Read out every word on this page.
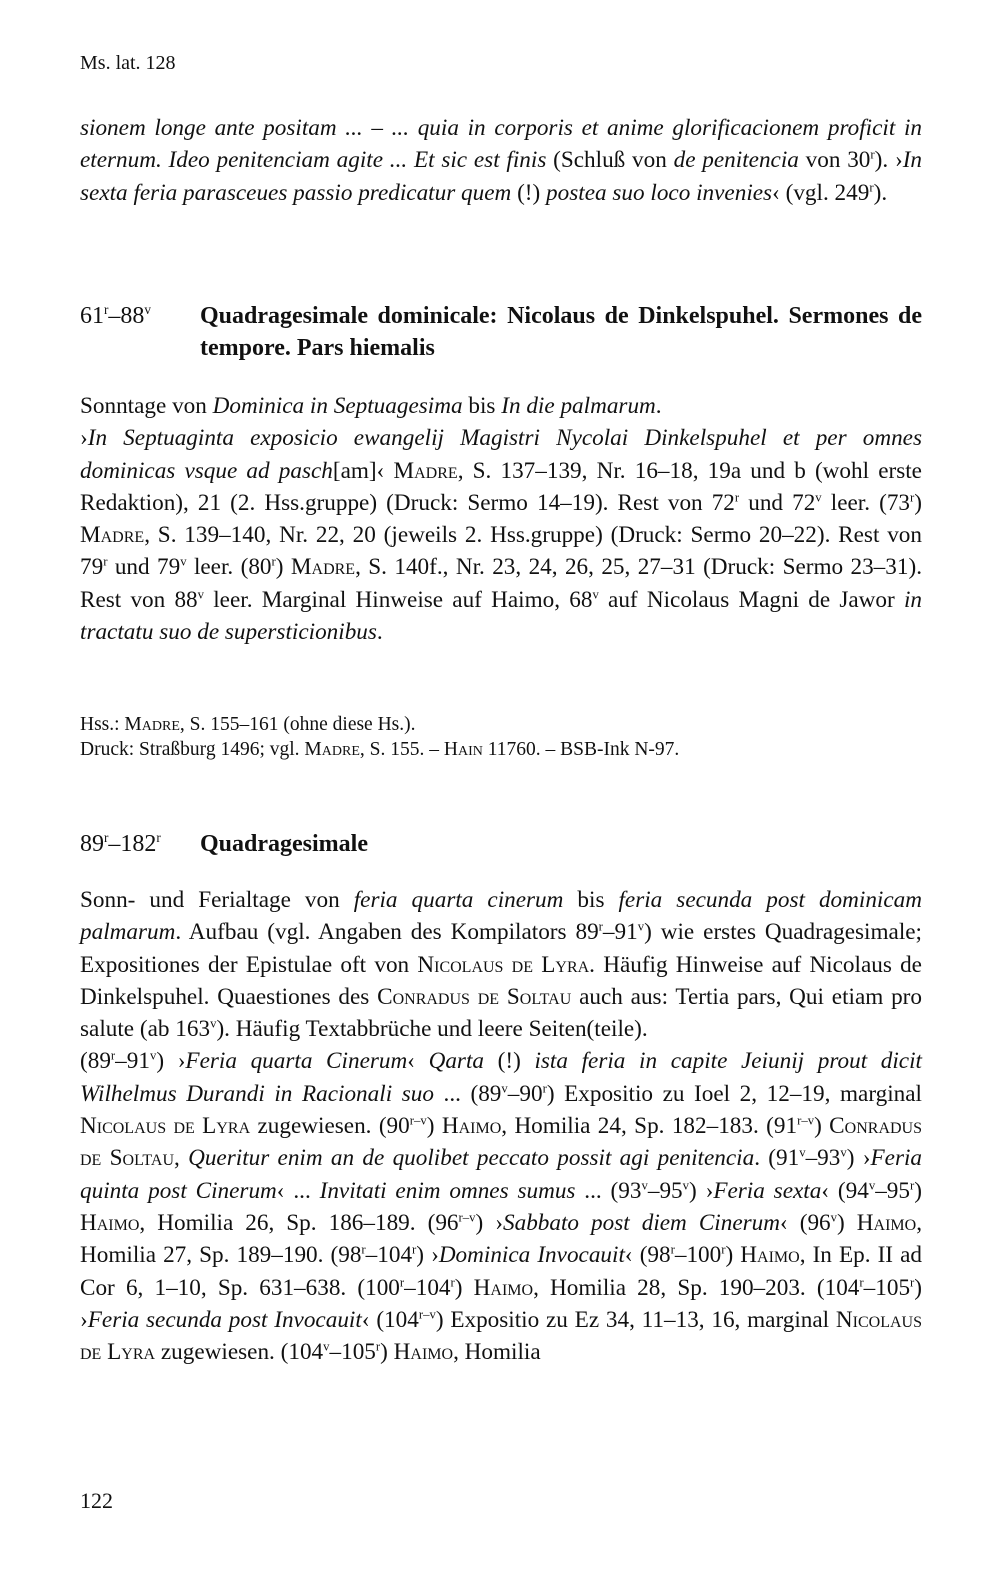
Ms. lat. 128

sionem longe ante positam ... – ... quia in corporis et anime glorificacionem proficit in eternum. Ideo penitenciam agite ... Et sic est finis (Schluß von de penitencia von 30$^r$). ›In sexta feria parasceues passio predicatur quem (!) postea suo loco invenies‹ (vgl. 249$^r$).

61$^r$–88$^v$	Quadragesimale dominicale: Nicolaus de Dinkelspuhel. Sermones de tempore. Pars hiemalis

Sonntage von Dominica in Septuagesima bis In die palmarum.
›In Septuaginta exposicio ewangelij Magistri Nycolai Dinkelspuhel et per omnes dominicas vsque ad pasch[am]‹ Madre, S. 137–139, Nr. 16–18, 19a und b (wohl erste Redaktion), 21 (2. Hss.gruppe) (Druck: Sermo 14–19). Rest von 72$^r$ und 72$^v$ leer. (73$^r$) Madre, S. 139–140, Nr. 22, 20 (jeweils 2. Hss.gruppe) (Druck: Sermo 20–22). Rest von 79$^r$ und 79$^v$ leer. (80$^r$) Madre, S. 140f., Nr. 23, 24, 26, 25, 27–31 (Druck: Sermo 23–31). Rest von 88$^v$ leer. Marginal Hinweise auf Haimo, 68$^v$ auf Nicolaus Magni de Jawor in tractatu suo de supersticionibus.

Hss.: Madre, S. 155–161 (ohne diese Hs.).
Druck: Straßburg 1496; vgl. Madre, S. 155. – Hain 11760. – BSB-Ink N-97.

89$^r$–182$^r$	Quadragesimale

Sonn- und Ferialtage von feria quarta cinerum bis feria secunda post dominicam palmarum. Aufbau (vgl. Angaben des Kompilators 89$^r$–91$^v$) wie erstes Quadragesimale; Expositiones der Epistulae oft von Nicolaus de Lyra. Häufig Hinweise auf Nicolaus de Dinkelspuhel. Quaestiones des Conradus de Soltau auch aus: Tertia pars, Qui etiam pro salute (ab 163$^v$). Häufig Textabbrüche und leere Seiten(teile).
(89$^r$–91$^v$) ›Feria quarta Cinerum‹ Qarta (!) ista feria in capite Jeiunij prout dicit Wilhelmus Durandi in Racionali suo ... (89$^v$–90$^r$) Expositio zu Ioel 2, 12–19, marginal Nicolaus de Lyra zugewiesen. (90$^{r-v}$) Haimo, Homilia 24, Sp. 182–183. (91$^{r-v}$) Conradus de Soltau, Queritur enim an de quolibet peccato possit agi penitencia. (91$^v$–93$^v$) ›Feria quinta post Cinerum‹ ... Invitati enim omnes sumus ... (93$^v$–95$^v$) ›Feria sexta‹ (94$^v$–95$^r$) Haimo, Homilia 26, Sp. 186–189. (96$^{r-v}$) ›Sabbato post diem Cinerum‹ (96$^v$) Haimo, Homilia 27, Sp. 189–190. (98$^r$–104$^r$) ›Dominica Invocauit‹ (98$^r$–100$^r$) Haimo, In Ep. II ad Cor 6, 1–10, Sp. 631–638. (100$^r$–104$^r$) Haimo, Homilia 28, Sp. 190–203. (104$^r$–105$^r$) ›Feria secunda post Invocauit‹ (104$^{r-v}$) Expositio zu Ez 34, 11–13, 16, marginal Nicolaus de Lyra zugewiesen. (104$^v$–105$^r$) Haimo, Homilia

122
